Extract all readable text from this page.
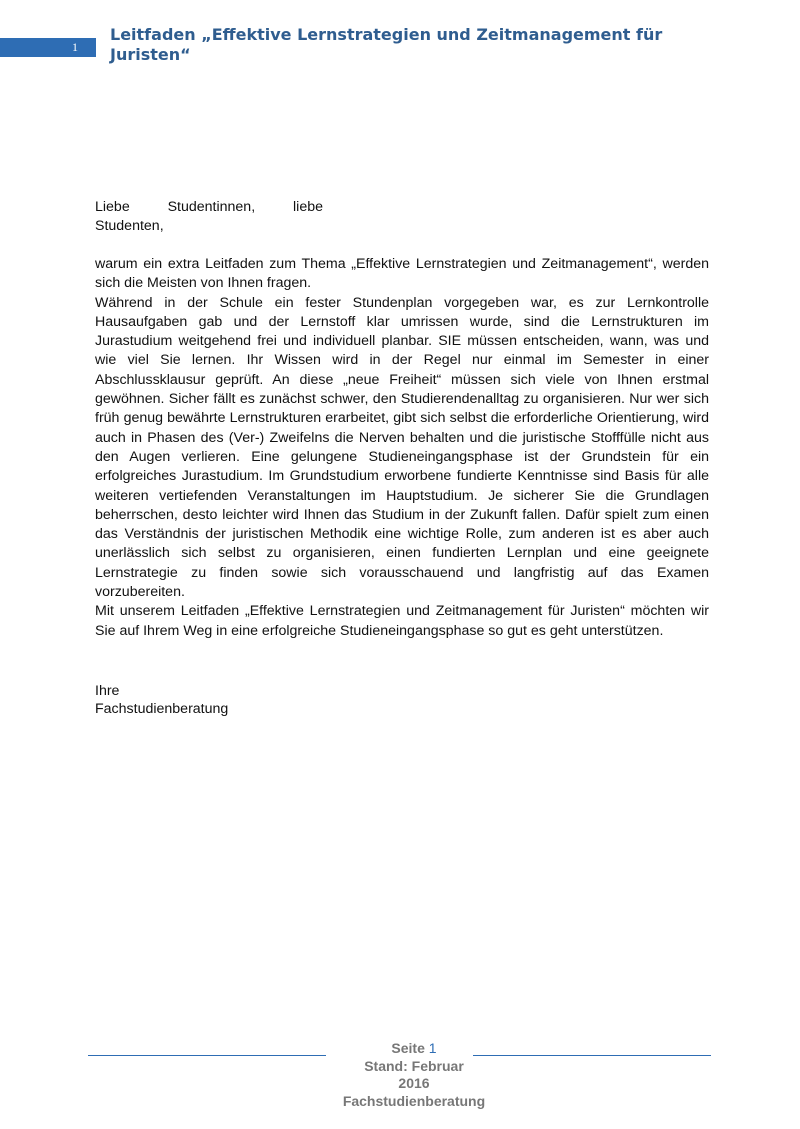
1
Leitfaden „Effektive Lernstrategien und Zeitmanagement für Juristen“
Liebe	Studentinnen,	liebe
Studenten,

warum ein extra Leitfaden zum Thema „Effektive Lernstrategien und Zeitmanagement“, werden sich die Meisten von Ihnen fragen.

Während in der Schule ein fester Stundenplan vorgegeben war, es zur Lernkontrolle Hausaufgaben gab und der Lernstoff klar umrissen wurde, sind die Lernstrukturen im Jurastudium weitgehend frei und individuell planbar. SIE müssen entscheiden, wann, was und wie viel Sie lernen. Ihr Wissen wird in der Regel nur einmal im Semester in einer Abschlussklausur geprüft. An diese „neue Freiheit“ müssen sich viele von Ihnen erstmal gewöhnen. Sicher fällt es zunächst schwer, den Studierendenalltag zu organisieren. Nur wer sich früh genug bewährte Lernstrukturen erarbeitet, gibt sich selbst die erforderliche Orientierung, wird auch in Phasen des (Ver-) Zweifelns die Nerven behalten und die juristische Stofffülle nicht aus den Augen verlieren. Eine gelungene Studieneingangsphase ist der Grundstein für ein erfolgreiches Jurastudium. Im Grundstudium erworbene fundierte Kenntnisse sind Basis für alle weiteren vertiefenden Veranstaltungen im Hauptstudium. Je sicherer Sie die Grundlagen beherrschen, desto leichter wird Ihnen das Studium in der Zukunft fallen. Dafür spielt zum einen das Verständnis der juristischen Methodik eine wichtige Rolle, zum anderen ist es aber auch unerlässlich sich selbst zu organisieren, einen fundierten Lernplan und eine geeignete Lernstrategie zu finden sowie sich vorausschauend und langfristig auf das Examen vorzubereiten.

Mit unserem Leitfaden „Effektive Lernstrategien und Zeitmanagement für Juristen“ möchten wir Sie auf Ihrem Weg in eine erfolgreiche Studieneingangsphase so gut es geht unterstützen.

Ihre
Fachstudienberatung
Seite 1
Stand: Februar
2016
Fachstudienberatung
